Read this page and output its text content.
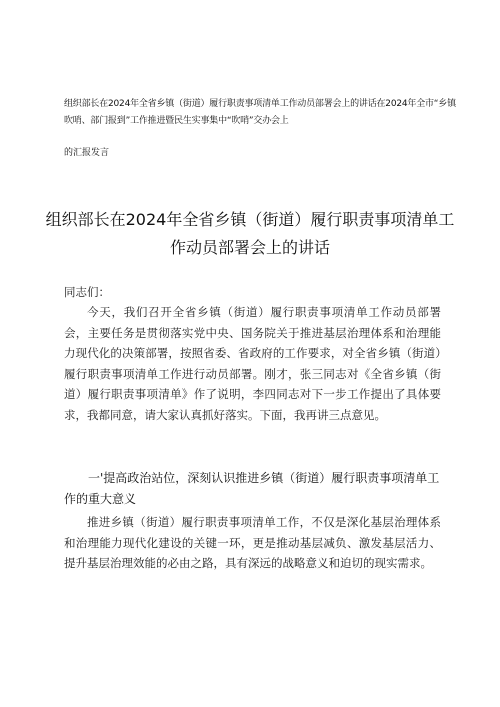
组织部长在2024年全省乡镇（街道）履行职责事项清单工作动员部署会上的讲话在2024年全市“乡镇吹哨、部门报到”工作推进暨民生实事集中“吹哨”交办会上
的汇报发言
组织部长在2024年全省乡镇（街道）履行职责事项清单工作动员部署会上的讲话
同志们：

今天，我们召开全省乡镇（街道）履行职责事项清单工作动员部署会，主要任务是贯彻落实党中央、国务院关于推进基层治理体系和治理能力现代化的决策部署，按照省委、省政府的工作要求，对全省乡镇（街道）履行职责事项清单工作进行动员部署。刚才，张三同志对《全省乡镇（街道）履行职责事项清单》作了说明，李四同志对下一步工作提出了具体要求，我都同意，请大家认真抓好落实。下面，我再讲三点意见。

一'提高政治站位，深刻认识推进乡镇（街道）履行职责事项清单工作的重大意义

推进乡镇（街道）履行职责事项清单工作，不仅是深化基层治理体系和治理能力现代化建设的关键一环，更是推动基层减负、激发基层活力、提升基层治理效能的必由之路，具有深远的战略意义和迫切的现实需求。
